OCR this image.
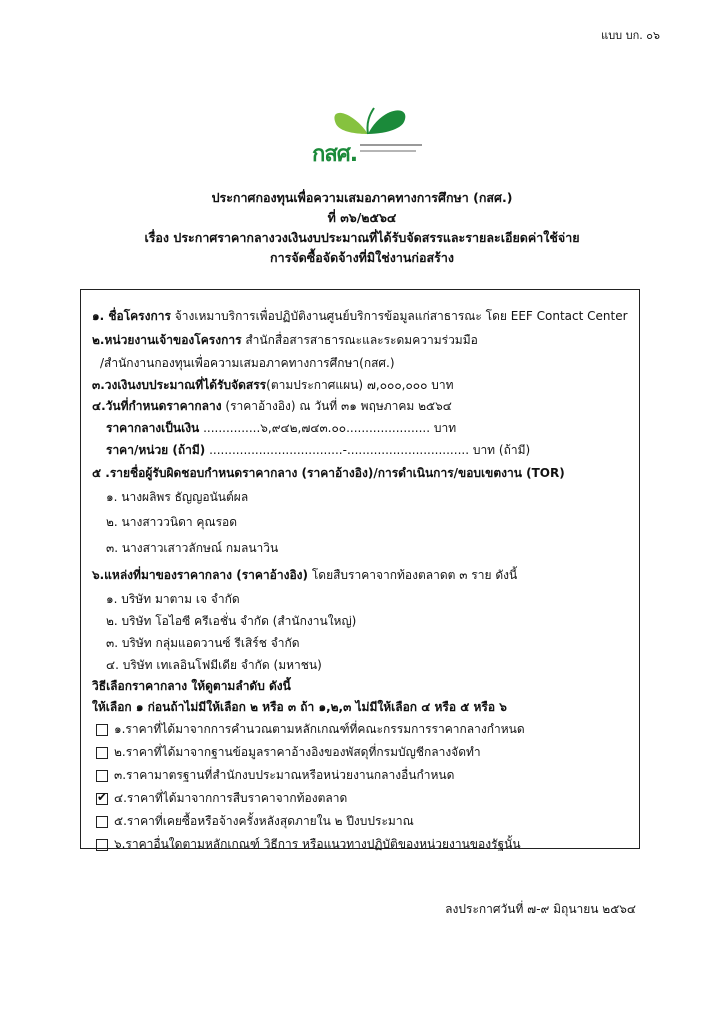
แบบ บก. ๐๖
กสศ.
ประกาศกองทุนเพื่อความเสมอภาคทางการศึกษา (กสศ.)
ที่ ๓๖/๒๕๖๔
เรื่อง ประกาศราคากลางวงเงินงบประมาณที่ได้รับจัดสรรและรายละเอียดค่าใช้จ่าย
การจัดซื้อจัดจ้างที่มิใช่งานก่อสร้าง
๑. ชื่อโครงการ จ้างเหมาบริการเพื่อปฏิบัติงานศูนย์บริการข้อมูลแก่สาธารณะ โดย EEF Contact Center
๒.หน่วยงานเจ้าของโครงการ สำนักสื่อสารสาธารณะและระดมความร่วมมือ
/สำนักงานกองทุนเพื่อความเสมอภาคทางการศึกษา(กสศ.)
๓.วงเงินงบประมาณที่ได้รับจัดสรร(ตามประกาศแผน) ๗,๐๐๐,๐๐๐ บาท
๔.วันที่กำหนดราคากลาง (ราคาอ้างอิง) ณ วันที่ ๓๑ พฤษภาคม ๒๕๖๔
ราคากลางเป็นเงิน ...............๖,๙๔๒,๗๔๓.๐๐...................... บาท
ราคา/หน่วย (ถ้ามี) ...................................-................................ บาท (ถ้ามี)
๕ .รายชื่อผู้รับผิดชอบกำหนดราคากลาง (ราคาอ้างอิง)/การดำเนินการ/ขอบเขตงาน (TOR)
๑. นางผลิพร ธัญญอนันต์ผล
๒. นางสาววนิดา คุณรอด
๓. นางสาวเสาวลักษณ์ กมลนาวิน
๖.แหล่งที่มาของราคากลาง (ราคาอ้างอิง) โดยสืบราคาจากท้องตลาดต ๓ ราย ดังนี้
๑. บริษัท มาตาม เจ จำกัด
๒. บริษัท โอไอซี ครีเอชั่น จำกัด (สำนักงานใหญ่)
๓. บริษัท กลุ่มแอดวานซ์ รีเสิร์ช จำกัด
๔. บริษัท เทเลอินโฟมีเดีย จำกัด (มหาชน)
วิธีเลือกราคากลาง ให้ดูตามลำดับ ดังนี้
ให้เลือก ๑ ก่อนถ้าไม่มีให้เลือก ๒ หรือ ๓ ถ้า ๑,๒,๓ ไม่มีให้เลือก ๔ หรือ ๕ หรือ ๖
๑.ราคาที่ได้มาจากการคำนวณตามหลักเกณฑ์ที่คณะกรรมการราคากลางกำหนด
๒.ราคาที่ได้มาจากฐานข้อมูลราคาอ้างอิงของพัสดุที่กรมบัญชีกลางจัดทำ
๓.ราคามาตรฐานที่สำนักงบประมาณหรือหน่วยงานกลางอื่นกำหนด
✔
๔.ราคาที่ได้มาจากการสืบราคาจากท้องตลาด
๕.ราคาที่เคยซื้อหรือจ้างครั้งหลังสุดภายใน ๒ ปีงบประมาณ
๖.ราคาอื่นใดตามหลักเกณฑ์ วิธีการ หรือแนวทางปฏิบัติของหน่วยงานของรัฐนั้น
ลงประกาศวันที่ ๗-๙ มิถุนายน ๒๕๖๔
